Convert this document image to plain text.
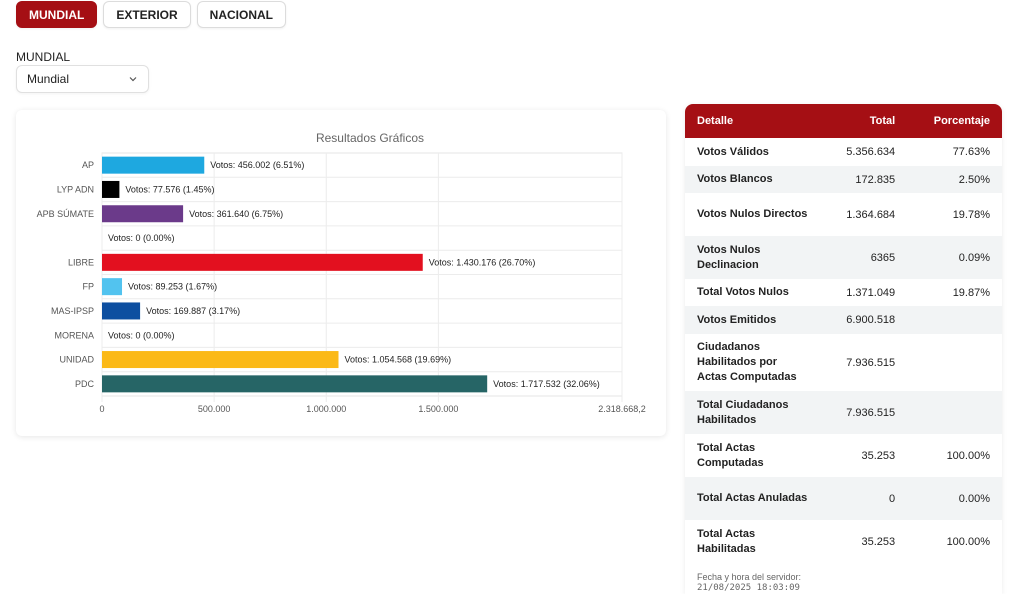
MUNDIAL	EXTERIOR	NACIONAL
MUNDIAL
Mundial
Resultados Gráficos
0	500.000	1.000.000	1.500.000	2.318.668,2
AP	Votos: 456.002 (6.51%)
LYP ADN	Votos: 77.576 (1.45%)
APB SÚMATE	Votos: 361.640 (6.75%)
Votos: 0 (0.00%)
LIBRE	Votos: 1.430.176 (26.70%)
FP	Votos: 89.253 (1.67%)
MAS-IPSP	Votos: 169.887 (3.17%)
MORENA Votos: 0 (0.00%)
UNIDAD	Votos: 1.054.568 (19.69%)
PDC	Votos: 1.717.532 (32.06%)
Detalle	Total	Porcentaje
Votos Válidos	5.356.634	77.63%
Votos Blancos	172.835	2.50%
Votos Nulos Directos	1.364.684	19.78%
Votos Nulos Declinacion	6365	0.09%
Total Votos Nulos	1.371.049	19.87%
Votos Emitidos	6.900.518	
Ciudadanos Habilitados por Actas Computadas	7.936.515	
Total Ciudadanos Habilitados	7.936.515	
Total Actas Computadas	35.253	100.00%
Total Actas Anuladas	0	0.00%
Total Actas Habilitadas	35.253	100.00%
Fecha y hora del servidor:
21/08/2025 18:03:09
